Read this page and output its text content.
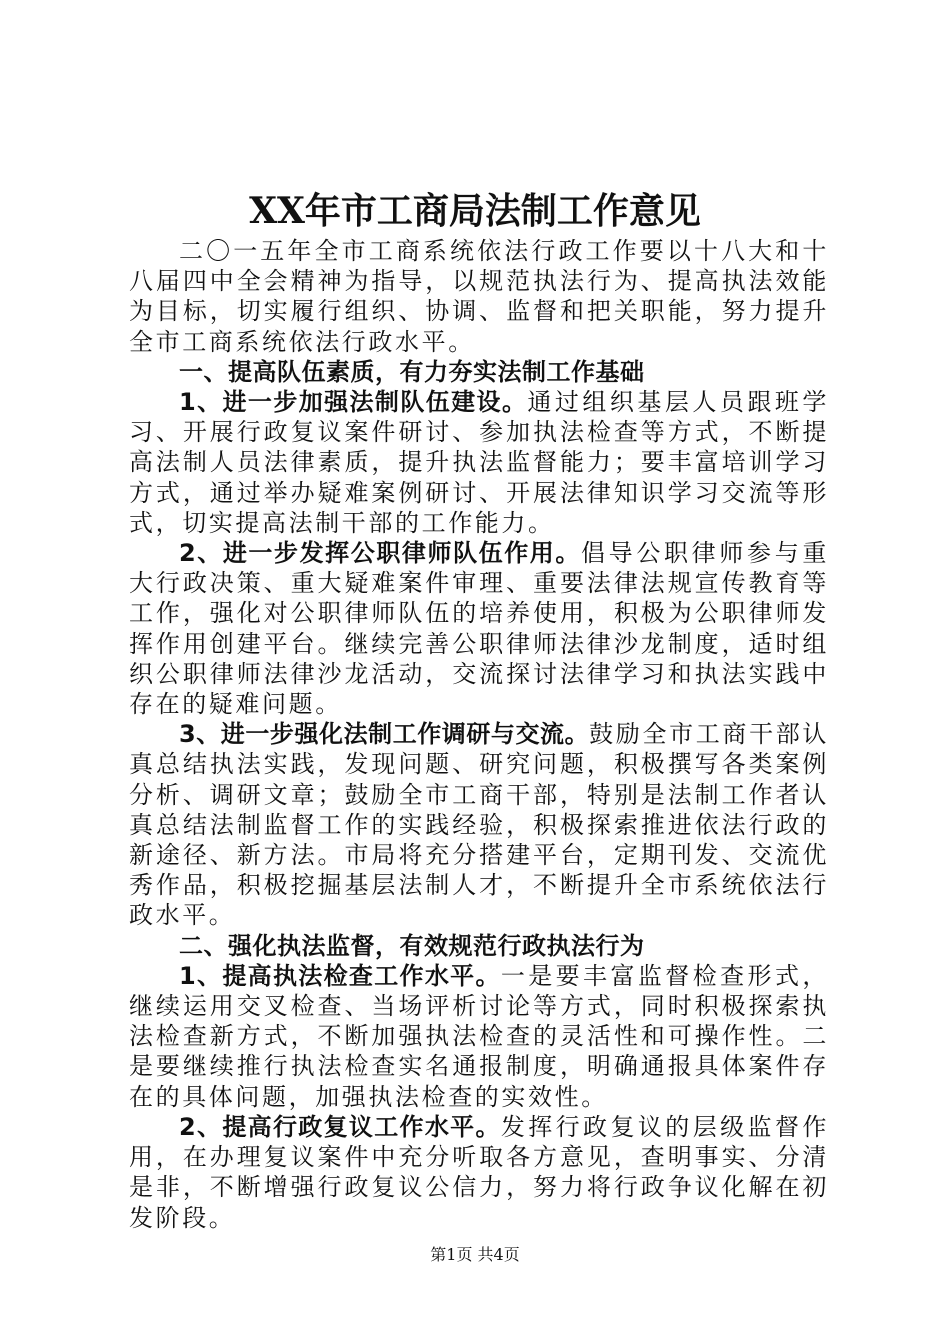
XX年市工商局法制工作意见

二〇一五年全市工商系统依法行政工作要以十八大和十八届四中全会精神为指导，以规范执法行为、提高执法效能为目标，切实履行组织、协调、监督和把关职能，努力提升全市工商系统依法行政水平。

一、提高队伍素质，有力夯实法制工作基础

1、进一步加强法制队伍建设。通过组织基层人员跟班学习、开展行政复议案件研讨、参加执法检查等方式，不断提高法制人员法律素质，提升执法监督能力；要丰富培训学习方式，通过举办疑难案例研讨、开展法律知识学习交流等形式，切实提高法制干部的工作能力。

2、进一步发挥公职律师队伍作用。倡导公职律师参与重大行政决策、重大疑难案件审理、重要法律法规宣传教育等工作，强化对公职律师队伍的培养使用，积极为公职律师发挥作用创建平台。继续完善公职律师法律沙龙制度，适时组织公职律师法律沙龙活动，交流探讨法律学习和执法实践中存在的疑难问题。

3、进一步强化法制工作调研与交流。鼓励全市工商干部认真总结执法实践，发现问题、研究问题，积极撰写各类案例分析、调研文章；鼓励全市工商干部，特别是法制工作者认真总结法制监督工作的实践经验，积极探索推进依法行政的新途径、新方法。市局将充分搭建平台，定期刊发、交流优秀作品，积极挖掘基层法制人才，不断提升全市系统依法行政水平。

二、强化执法监督，有效规范行政执法行为

1、提高执法检查工作水平。一是要丰富监督检查形式，继续运用交叉检查、当场评析讨论等方式，同时积极探索执法检查新方式，不断加强执法检查的灵活性和可操作性。二是要继续推行执法检查实名通报制度，明确通报具体案件存在的具体问题，加强执法检查的实效性。

2、提高行政复议工作水平。发挥行政复议的层级监督作用，在办理复议案件中充分听取各方意见，查明事实、分清是非，不断增强行政复议公信力，努力将行政争议化解在初发阶段。

第1页 共4页
